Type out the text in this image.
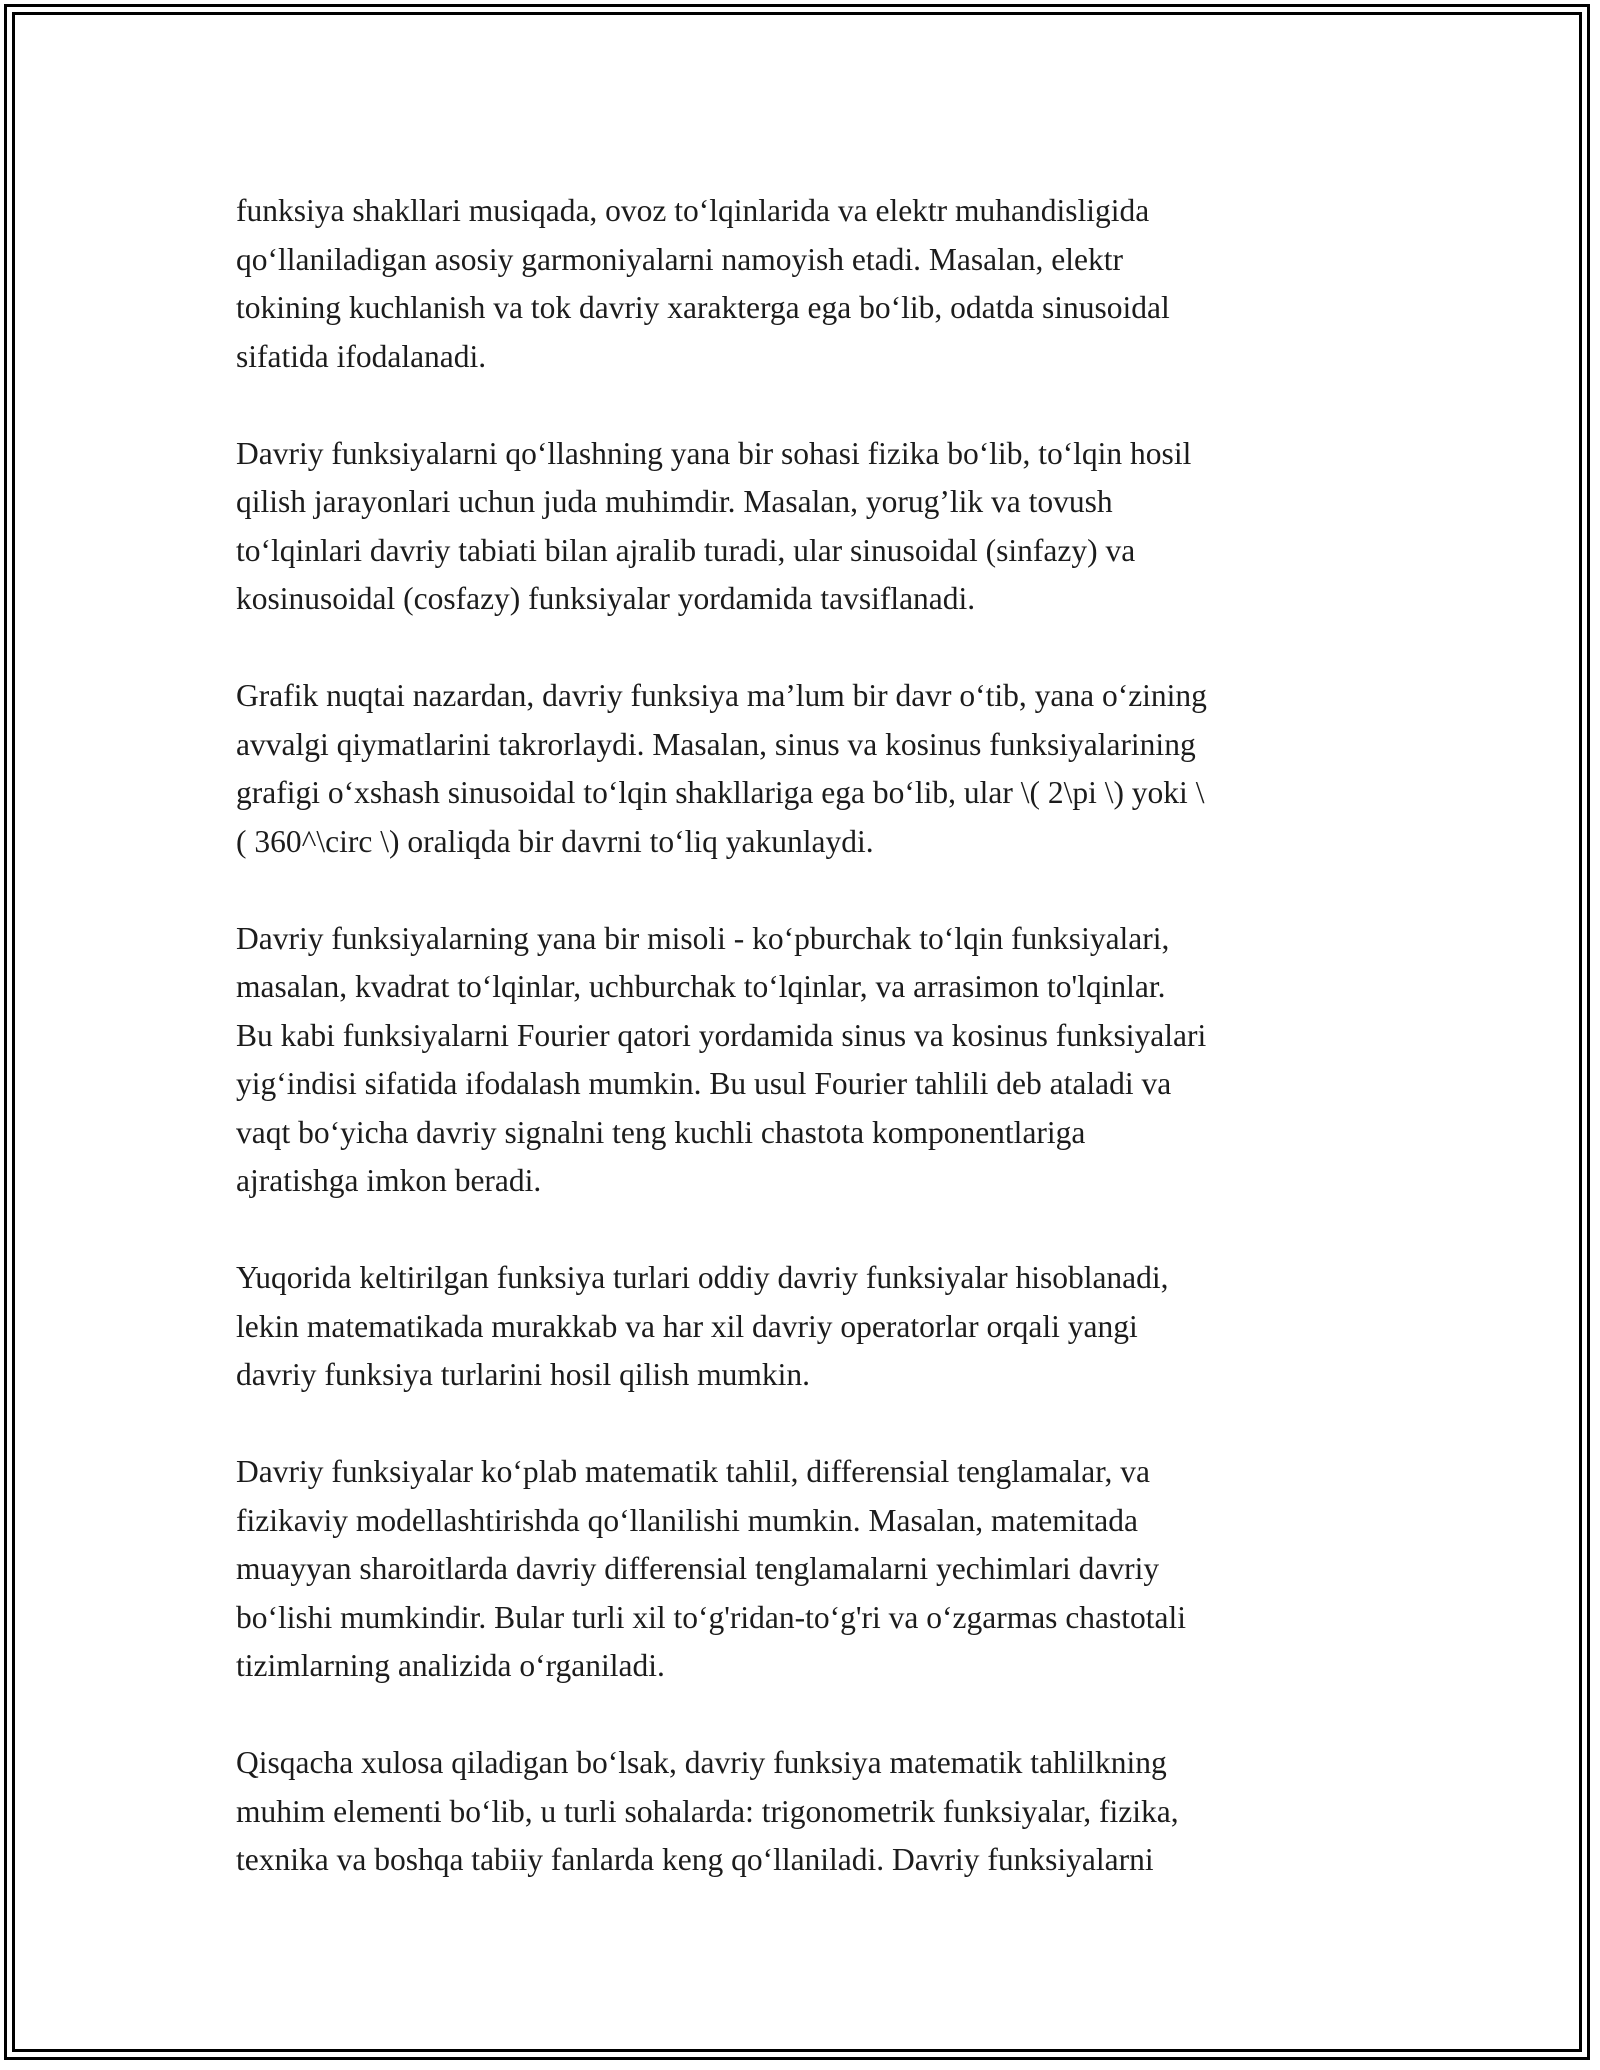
funksiya shakllari musiqada, ovoz to‘lqinlarida va elektr muhandisligida
qo‘llaniladigan asosiy garmoniyalarni namoyish etadi. Masalan, elektr
tokining kuchlanish va tok davriy xarakterga ega bo‘lib, odatda sinusoidal
sifatida ifodalanadi.

Davriy funksiyalarni qo‘llashning yana bir sohasi fizika bo‘lib, to‘lqin hosil
qilish jarayonlari uchun juda muhimdir. Masalan, yorug’lik va tovush
to‘lqinlari davriy tabiati bilan ajralib turadi, ular sinusoidal (sinfazy) va
kosinusoidal (cosfazy) funksiyalar yordamida tavsiflanadi.

Grafik nuqtai nazardan, davriy funksiya ma’lum bir davr o‘tib, yana o‘zining
avvalgi qiymatlarini takrorlaydi. Masalan, sinus va kosinus funksiyalarining
grafigi o‘xshash sinusoidal to‘lqin shakllariga ega bo‘lib, ular \( 2\pi \) yoki \
( 360^\circ \) oraliqda bir davrni to‘liq yakunlaydi.

Davriy funksiyalarning yana bir misoli - ko‘pburchak to‘lqin funksiyalari,
masalan, kvadrat to‘lqinlar, uchburchak to‘lqinlar, va arrasimon to'lqinlar.
Bu kabi funksiyalarni Fourier qatori yordamida sinus va kosinus funksiyalari
yig‘indisi sifatida ifodalash mumkin. Bu usul Fourier tahlili deb ataladi va
vaqt bo‘yicha davriy signalni teng kuchli chastota komponentlariga
ajratishga imkon beradi.

Yuqorida keltirilgan funksiya turlari oddiy davriy funksiyalar hisoblanadi,
lekin matematikada murakkab va har xil davriy operatorlar orqali yangi
davriy funksiya turlarini hosil qilish mumkin.

Davriy funksiyalar ko‘plab matematik tahlil, differensial tenglamalar, va
fizikaviy modellashtirishda qo‘llanilishi mumkin. Masalan, matemitada
muayyan sharoitlarda davriy differensial tenglamalarni yechimlari davriy
bo‘lishi mumkindir. Bular turli xil to‘g'ridan-to‘g'ri va o‘zgarmas chastotali
tizimlarning analizida o‘rganiladi.

Qisqacha xulosa qiladigan bo‘lsak, davriy funksiya matematik tahlilkning
muhim elementi bo‘lib, u turli sohalarda: trigonometrik funksiyalar, fizika,
texnika va boshqa tabiiy fanlarda keng qo‘llaniladi. Davriy funksiyalarni
